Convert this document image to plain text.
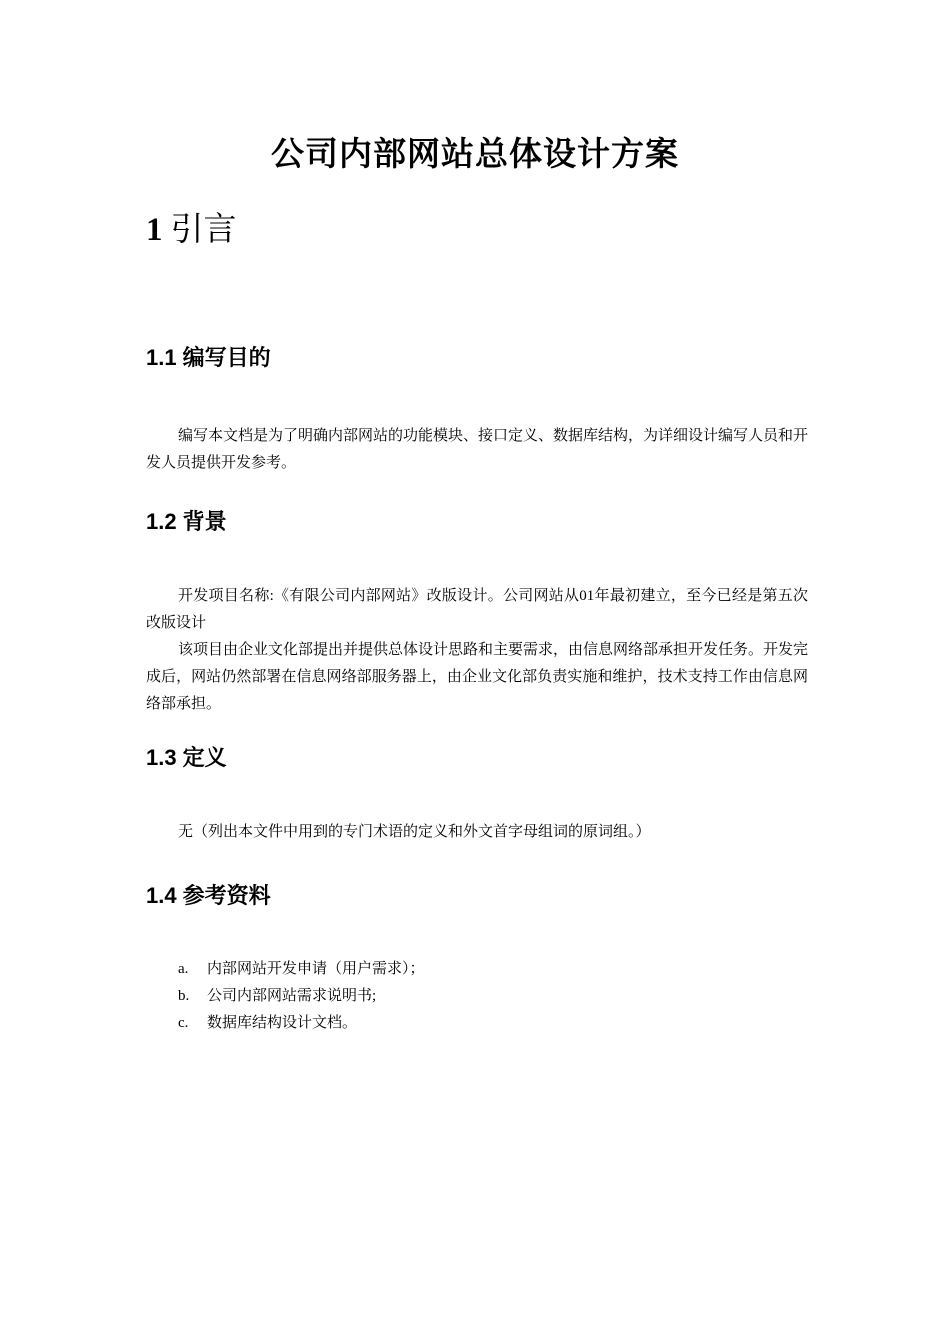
公司内部网站总体设计方案
1 引言
1.1 编写目的

编写本文档是为了明确内部网站的功能模块、接口定义、数据库结构，为详细设计编写人员和开发人员提供开发参考。

1.2 背景

开发项目名称:《有限公司内部网站》改版设计。公司网站从01年最初建立，至今已经是第五次改版设计

该项目由企业文化部提出并提供总体设计思路和主要需求，由信息网络部承担开发任务。开发完成后，网站仍然部署在信息网络部服务器上，由企业文化部负责实施和维护，技术支持工作由信息网络部承担。

1.3 定义

无（列出本文件中用到的专门术语的定义和外文首字母组词的原词组。）

1.4 参考资料
a.	内部网站开发申请（用户需求）；
b.	公司内部网站需求说明书;
c.	数据库结构设计文档。
